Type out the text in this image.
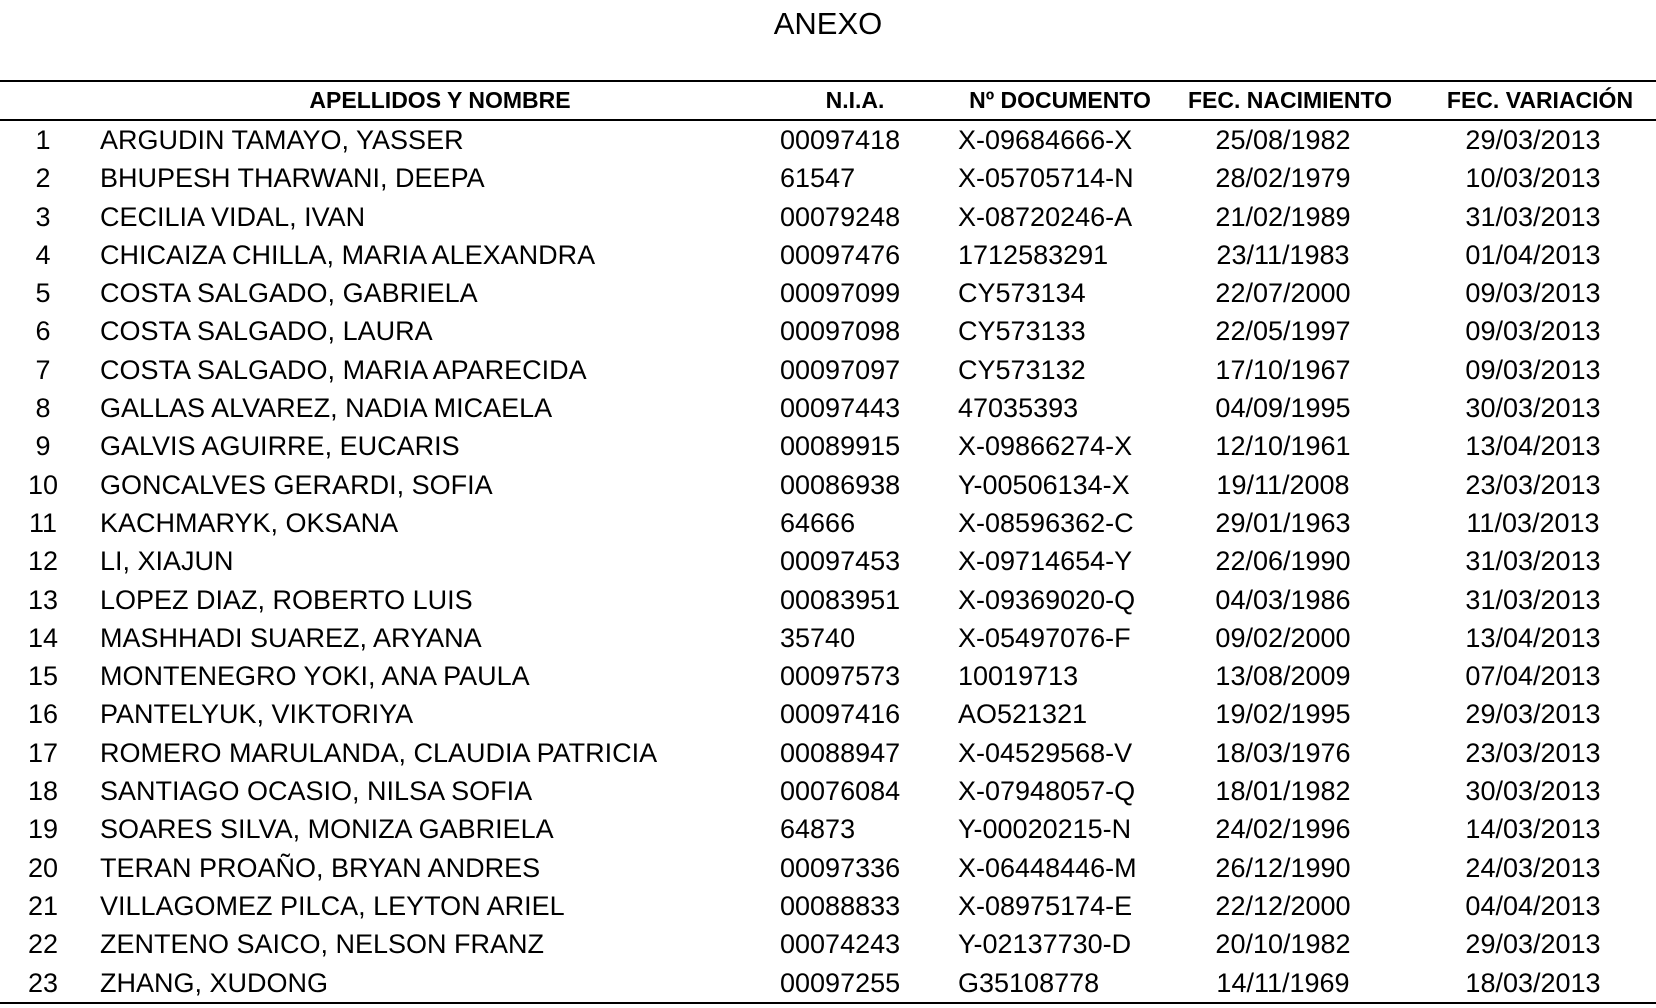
ANEXO
APELLIDOS Y NOMBRE	N.I.A.	Nº DOCUMENTO	FEC. NACIMIENTO	FEC. VARIACIÓN
1	ARGUDIN TAMAYO, YASSER	00097418	X-09684666-X	25/08/1982	29/03/2013
2	BHUPESH THARWANI, DEEPA	61547	X-05705714-N	28/02/1979	10/03/2013
3	CECILIA VIDAL, IVAN	00079248	X-08720246-A	21/02/1989	31/03/2013
4	CHICAIZA CHILLA, MARIA ALEXANDRA	00097476	1712583291	23/11/1983	01/04/2013
5	COSTA SALGADO, GABRIELA	00097099	CY573134	22/07/2000	09/03/2013
6	COSTA SALGADO, LAURA	00097098	CY573133	22/05/1997	09/03/2013
7	COSTA SALGADO, MARIA APARECIDA	00097097	CY573132	17/10/1967	09/03/2013
8	GALLAS ALVAREZ, NADIA MICAELA	00097443	47035393	04/09/1995	30/03/2013
9	GALVIS AGUIRRE, EUCARIS	00089915	X-09866274-X	12/10/1961	13/04/2013
10	GONCALVES GERARDI, SOFIA	00086938	Y-00506134-X	19/11/2008	23/03/2013
11	KACHMARYK, OKSANA	64666	X-08596362-C	29/01/1963	11/03/2013
12	LI, XIAJUN	00097453	X-09714654-Y	22/06/1990	31/03/2013
13	LOPEZ DIAZ, ROBERTO LUIS	00083951	X-09369020-Q	04/03/1986	31/03/2013
14	MASHHADI SUAREZ, ARYANA	35740	X-05497076-F	09/02/2000	13/04/2013
15	MONTENEGRO YOKI, ANA PAULA	00097573	10019713	13/08/2009	07/04/2013
16	PANTELYUK, VIKTORIYA	00097416	AO521321	19/02/1995	29/03/2013
17	ROMERO MARULANDA, CLAUDIA PATRICIA	00088947	X-04529568-V	18/03/1976	23/03/2013
18	SANTIAGO OCASIO, NILSA SOFIA	00076084	X-07948057-Q	18/01/1982	30/03/2013
19	SOARES SILVA, MONIZA GABRIELA	64873	Y-00020215-N	24/02/1996	14/03/2013
20	TERAN PROAÑO, BRYAN ANDRES	00097336	X-06448446-M	26/12/1990	24/03/2013
21	VILLAGOMEZ PILCA, LEYTON ARIEL	00088833	X-08975174-E	22/12/2000	04/04/2013
22	ZENTENO SAICO, NELSON FRANZ	00074243	Y-02137730-D	20/10/1982	29/03/2013
23	ZHANG, XUDONG	00097255	G35108778	14/11/1969	18/03/2013
